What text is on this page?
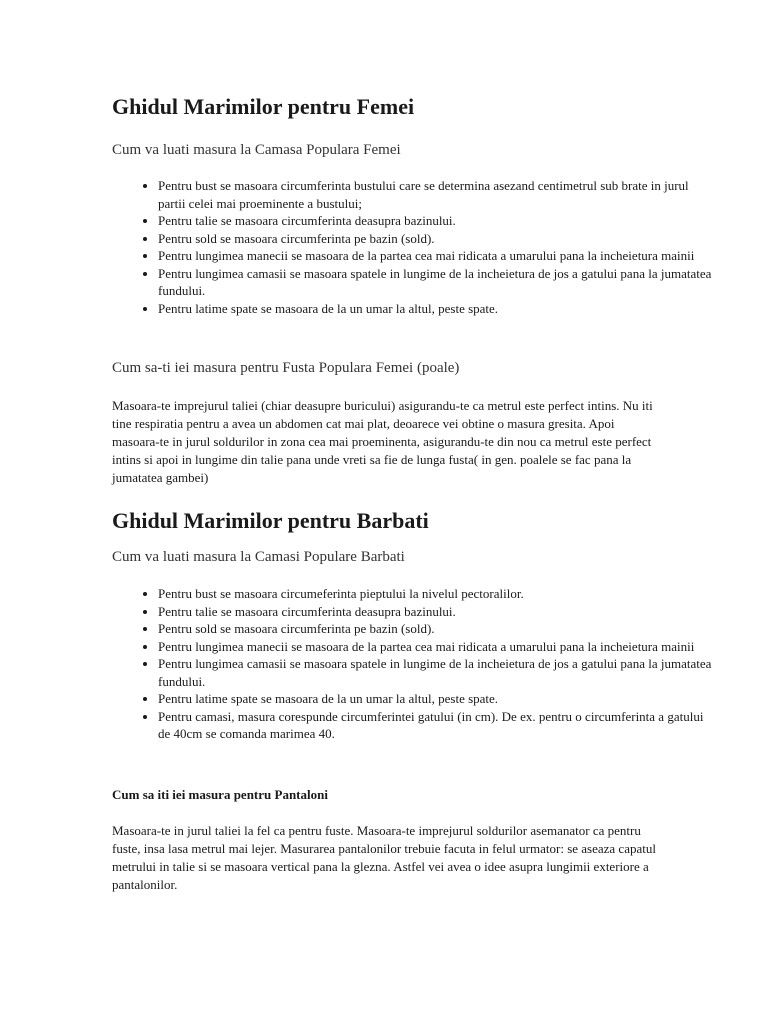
Ghidul Marimilor pentru Femei
Cum va luati masura la Camasa Populara Femei
• Pentru bust se masoara circumferinta bustului care se determina asezand centimetrul sub brate in jurul partii celei mai proeminente a bustului;
• Pentru talie se masoara circumferinta deasupra bazinului.
• Pentru sold se masoara circumferinta pe bazin (sold).
• Pentru lungimea manecii se masoara de la partea cea mai ridicata a umarului pana la incheietura mainii
• Pentru lungimea camasii se masoara spatele in lungime de la incheietura de jos a gatului pana la jumatatea fundului.
• Pentru latime spate se masoara de la un umar la altul, peste spate.
Cum sa-ti iei masura pentru Fusta Populara Femei (poale)

Masoara-te imprejurul taliei (chiar deasupre buricului) asigurandu-te ca metrul este perfect intins. Nu iti tine respiratia pentru a avea un abdomen cat mai plat, deoarece vei obtine o masura gresita. Apoi masoara-te in jurul soldurilor in zona cea mai proeminenta, asigurandu-te din nou ca metrul este perfect intins si apoi in lungime din talie pana unde vreti sa fie de lunga fusta( in gen. poalele se fac pana la jumatatea gambei)

Ghidul Marimilor pentru Barbati
Cum va luati masura la Camasi Populare Barbati
• Pentru bust se masoara circumeferinta pieptului la nivelul pectoralilor.
• Pentru talie se masoara circumferinta deasupra bazinului.
• Pentru sold se masoara circumferinta pe bazin (sold).
• Pentru lungimea manecii se masoara de la partea cea mai ridicata a umarului pana la incheietura mainii
• Pentru lungimea camasii se masoara spatele in lungime de la incheietura de jos a gatului pana la jumatatea fundului.
• Pentru latime spate se masoara de la un umar la altul, peste spate.
• Pentru camasi, masura corespunde circumferintei gatului (in cm). De ex. pentru o circumferinta a gatului de 40cm se comanda marimea 40.
Cum sa iti iei masura pentru Pantaloni

Masoara-te in jurul taliei la fel ca pentru fuste. Masoara-te imprejurul soldurilor asemanator ca pentru fuste, insa lasa metrul mai lejer. Masurarea pantalonilor trebuie facuta in felul urmator: se aseaza capatul metrului in talie si se masoara vertical pana la glezna. Astfel vei avea o idee asupra lungimii exteriore a pantalonilor.
